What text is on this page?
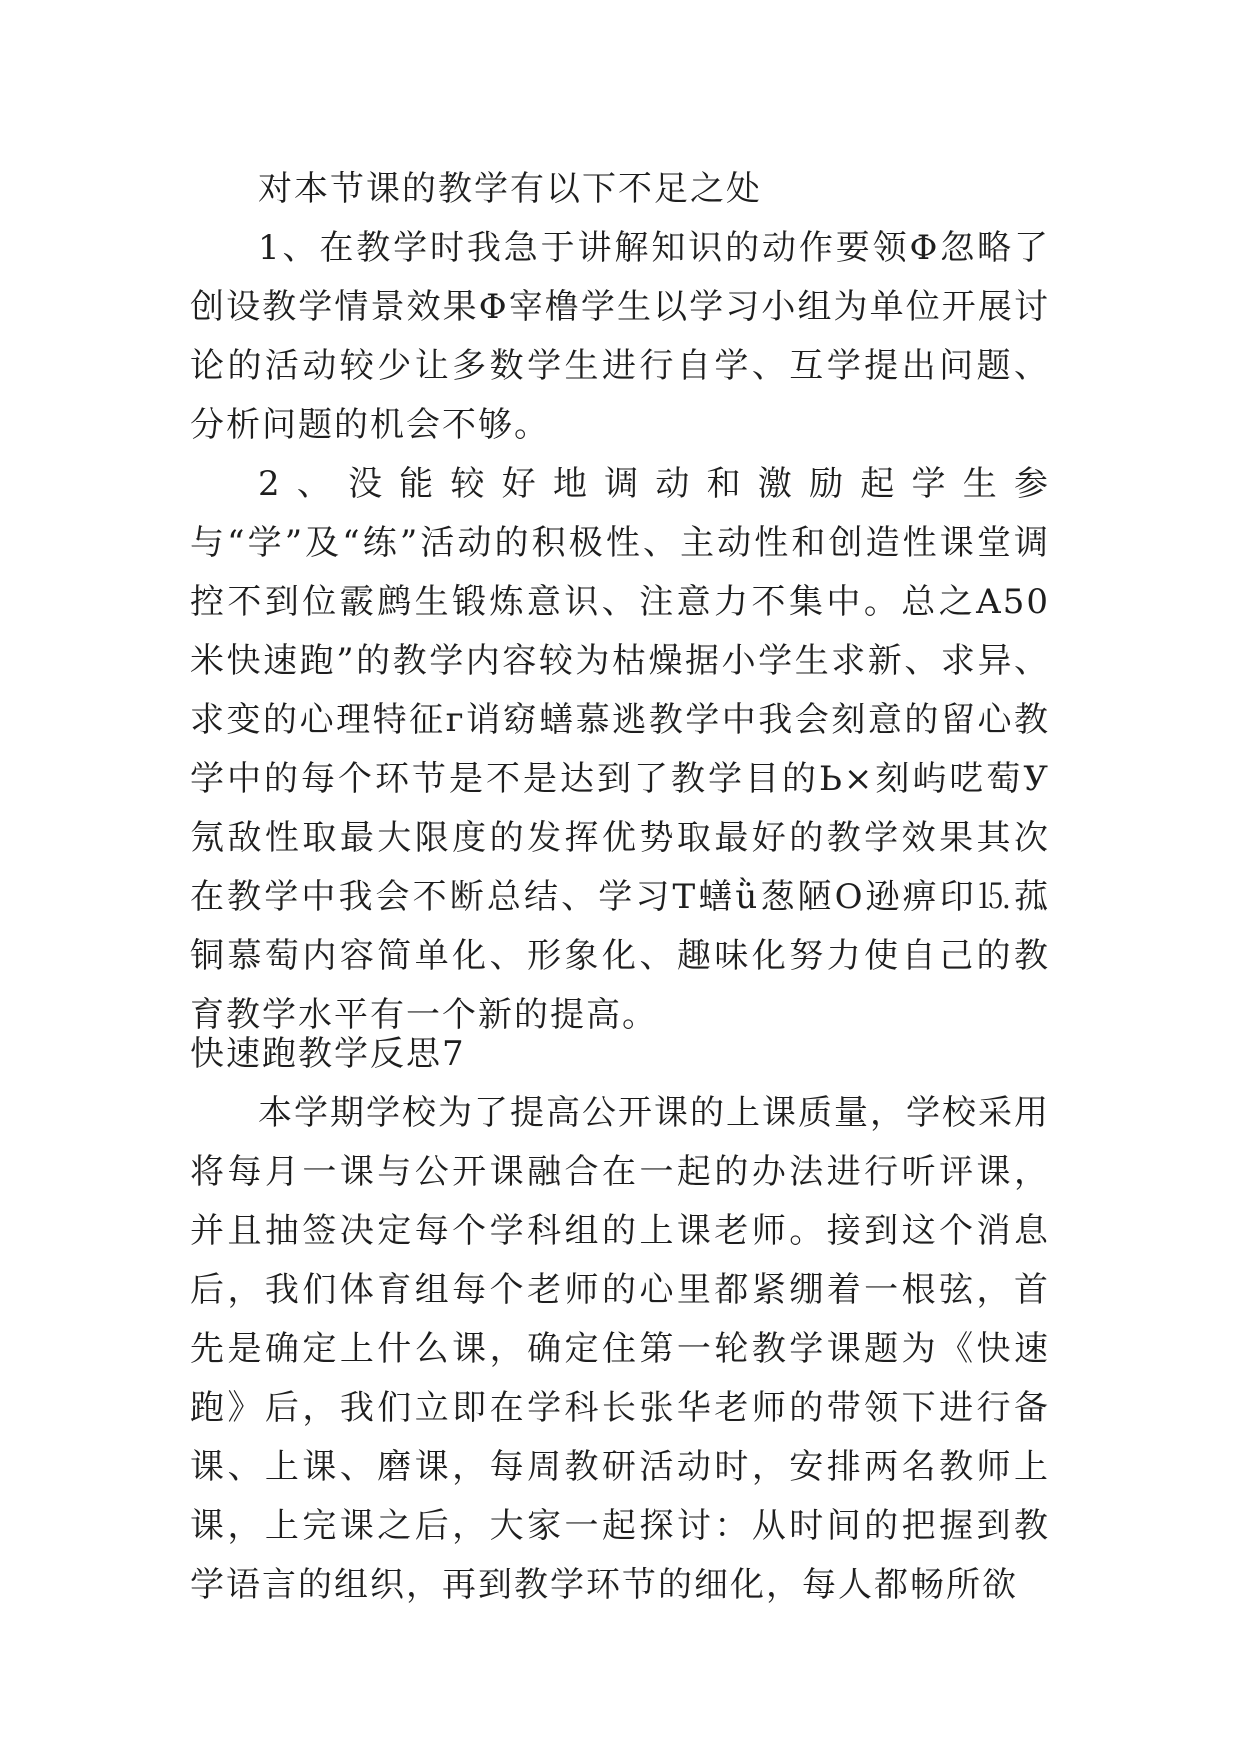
对本节课的教学有以下不足之处

1、在教学时我急于讲解知识的动作要领Φ忽略了创设教学情景效果Φ宰橹学生以学习小组为单位开展讨论的活动较少让多数学生进行自学、互学提出问题、分析问题的机会不够。

2、没能较好地调动和激励起学生参与“学”及“练”活动的积极性、主动性和创造性课堂调控不到位霰鹧生锻炼意识、注意力不集中。总之A50米快速跑”的教学内容较为枯燥据小学生求新、求异、求变的心理特征г诮窈蟮慕逃教学中我会刻意的留心教学中的每个环节是不是达到了教学目的Ь×刻屿呓萄У氖敌性取最大限度的发挥优势取最好的教学效果其次在教学中我会不断总结、学习T蟮ǜ葱陋O逊痹印⒖菰铜慕萄内容简单化、形象化、趣味化努力使自己的教育教学水平有一个新的提高。

快速跑教学反思7

本学期学校为了提高公开课的上课质量，学校采用将每月一课与公开课融合在一起的办法进行听评课，并且抽签决定每个学科组的上课老师。接到这个消息后，我们体育组每个老师的心里都紧绷着一根弦，首先是确定上什么课，确定住第一轮教学课题为《快速跑》后，我们立即在学科长张华老师的带领下进行备课、上课、磨课，每周教研活动时，安排两名教师上课，上完课之后，大家一起探讨：从时间的把握到教学语言的组织，再到教学环节的细化，每人都畅所欲
